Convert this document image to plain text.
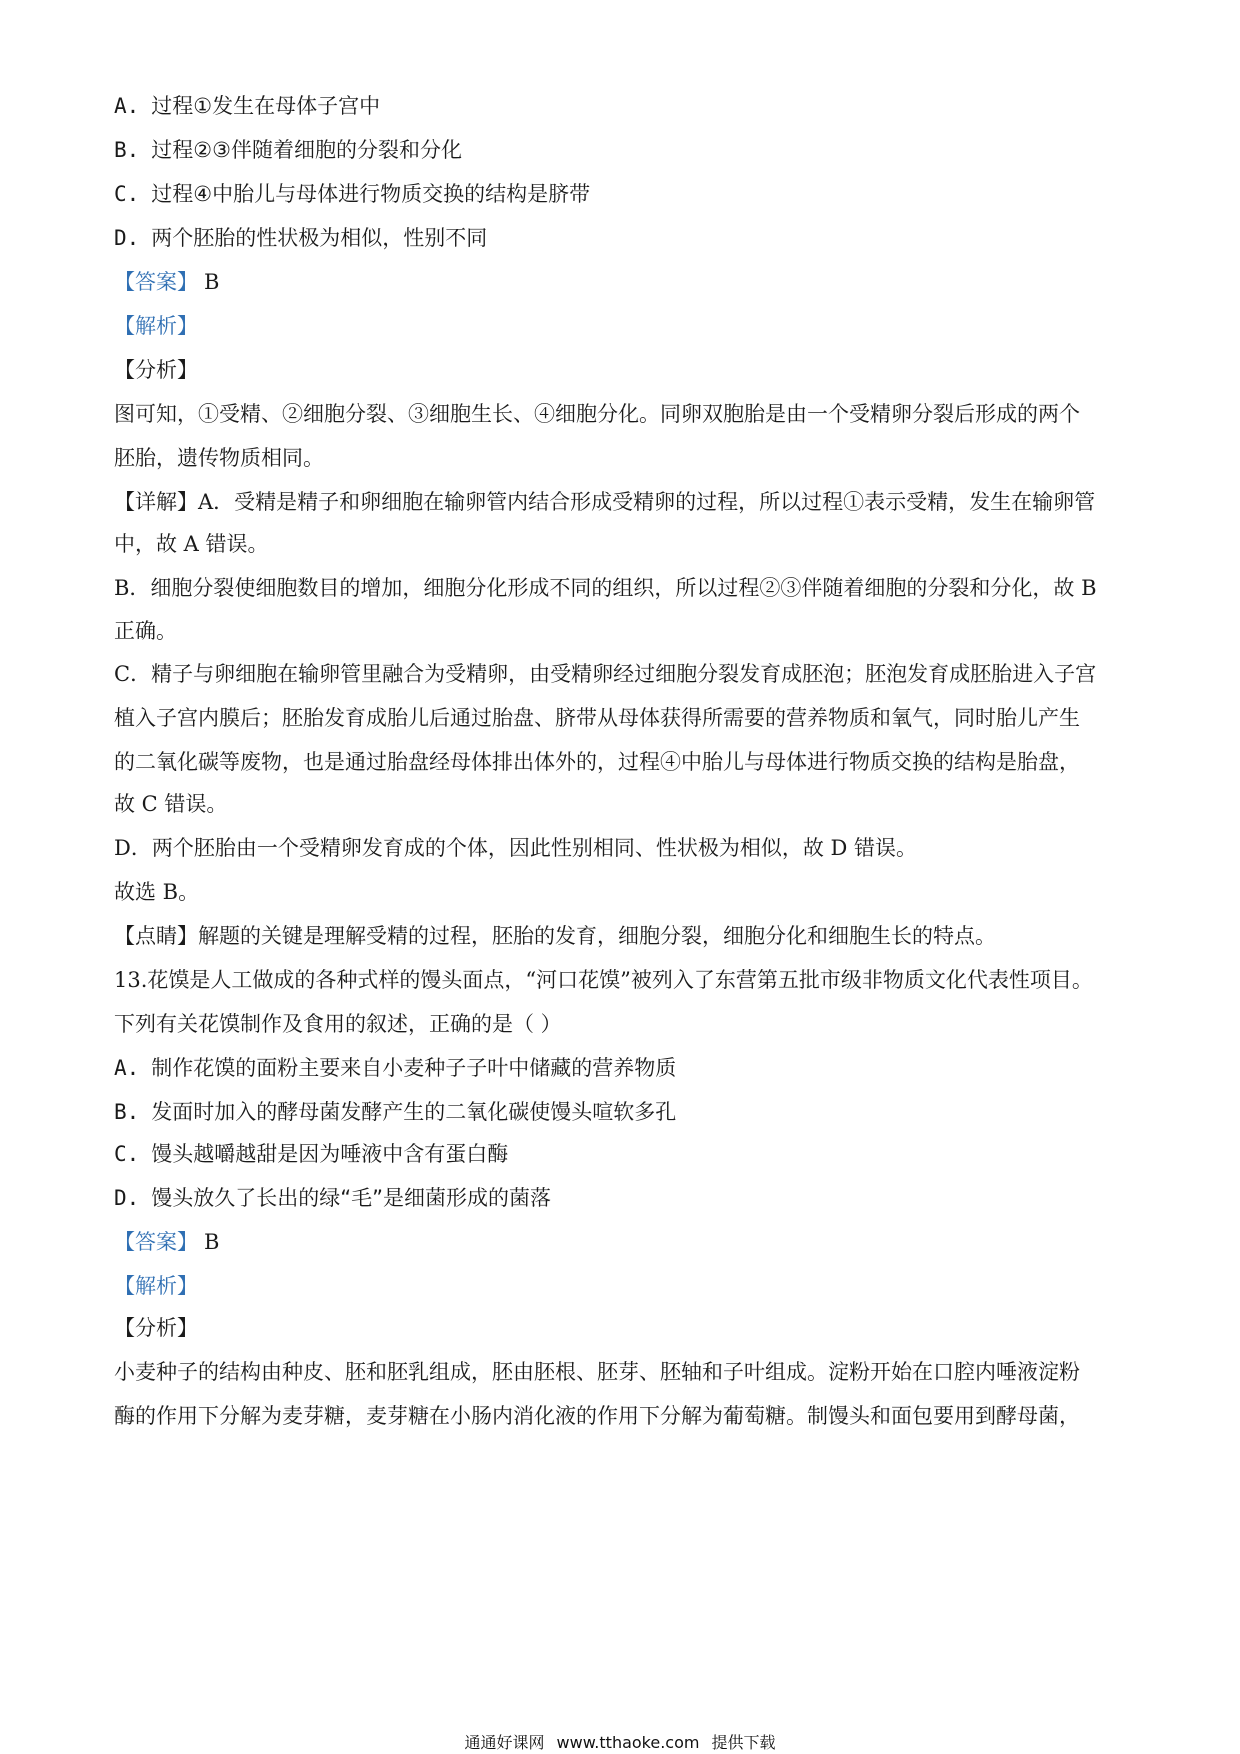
A. 过程①发生在母体子宫中
B. 过程②③伴随着细胞的分裂和分化
C. 过程④中胎儿与母体进行物质交换的结构是脐带
D. 两个胚胎的性状极为相似，性别不同
【答案】 B
【解析】
【分析】
图可知，①受精、②细胞分裂、③细胞生长、④细胞分化。同卵双胞胎是由一个受精卵分裂后形成的两个
胚胎，遗传物质相同。
【详解】A．受精是精子和卵细胞在输卵管内结合形成受精卵的过程，所以过程①表示受精，发生在输卵管
中，故 A 错误。
B．细胞分裂使细胞数目的增加，细胞分化形成不同的组织，所以过程②③伴随着细胞的分裂和分化，故 B
正确。
C．精子与卵细胞在输卵管里融合为受精卵，由受精卵经过细胞分裂发育成胚泡；胚泡发育成胚胎进入子宫
植入子宫内膜后；胚胎发育成胎儿后通过胎盘、脐带从母体获得所需要的营养物质和氧气，同时胎儿产生
的二氧化碳等废物，也是通过胎盘经母体排出体外的，过程④中胎儿与母体进行物质交换的结构是胎盘，
故 C 错误。
D．两个胚胎由一个受精卵发育成的个体，因此性别相同、性状极为相似，故 D 错误。
故选 B。
【点睛】解题的关键是理解受精的过程，胚胎的发育，细胞分裂，细胞分化和细胞生长的特点。
13.花馍是人工做成的各种式样的馒头面点，“河口花馍”被列入了东营第五批市级非物质文化代表性项目。
下列有关花馍制作及食用的叙述，正确的是（ ）
A. 制作花馍的面粉主要来自小麦种子子叶中储藏的营养物质
B. 发面时加入的酵母菌发酵产生的二氧化碳使馒头喧软多孔
C. 馒头越嚼越甜是因为唾液中含有蛋白酶
D. 馒头放久了长出的绿“毛”是细菌形成的菌落
【答案】 B
【解析】
【分析】
小麦种子的结构由种皮、胚和胚乳组成，胚由胚根、胚芽、胚轴和子叶组成。淀粉开始在口腔内唾液淀粉
酶的作用下分解为麦芽糖，麦芽糖在小肠内消化液的作用下分解为葡萄糖。制馒头和面包要用到酵母菌，
通通好课网 www.tthaoke.com 提供下载
